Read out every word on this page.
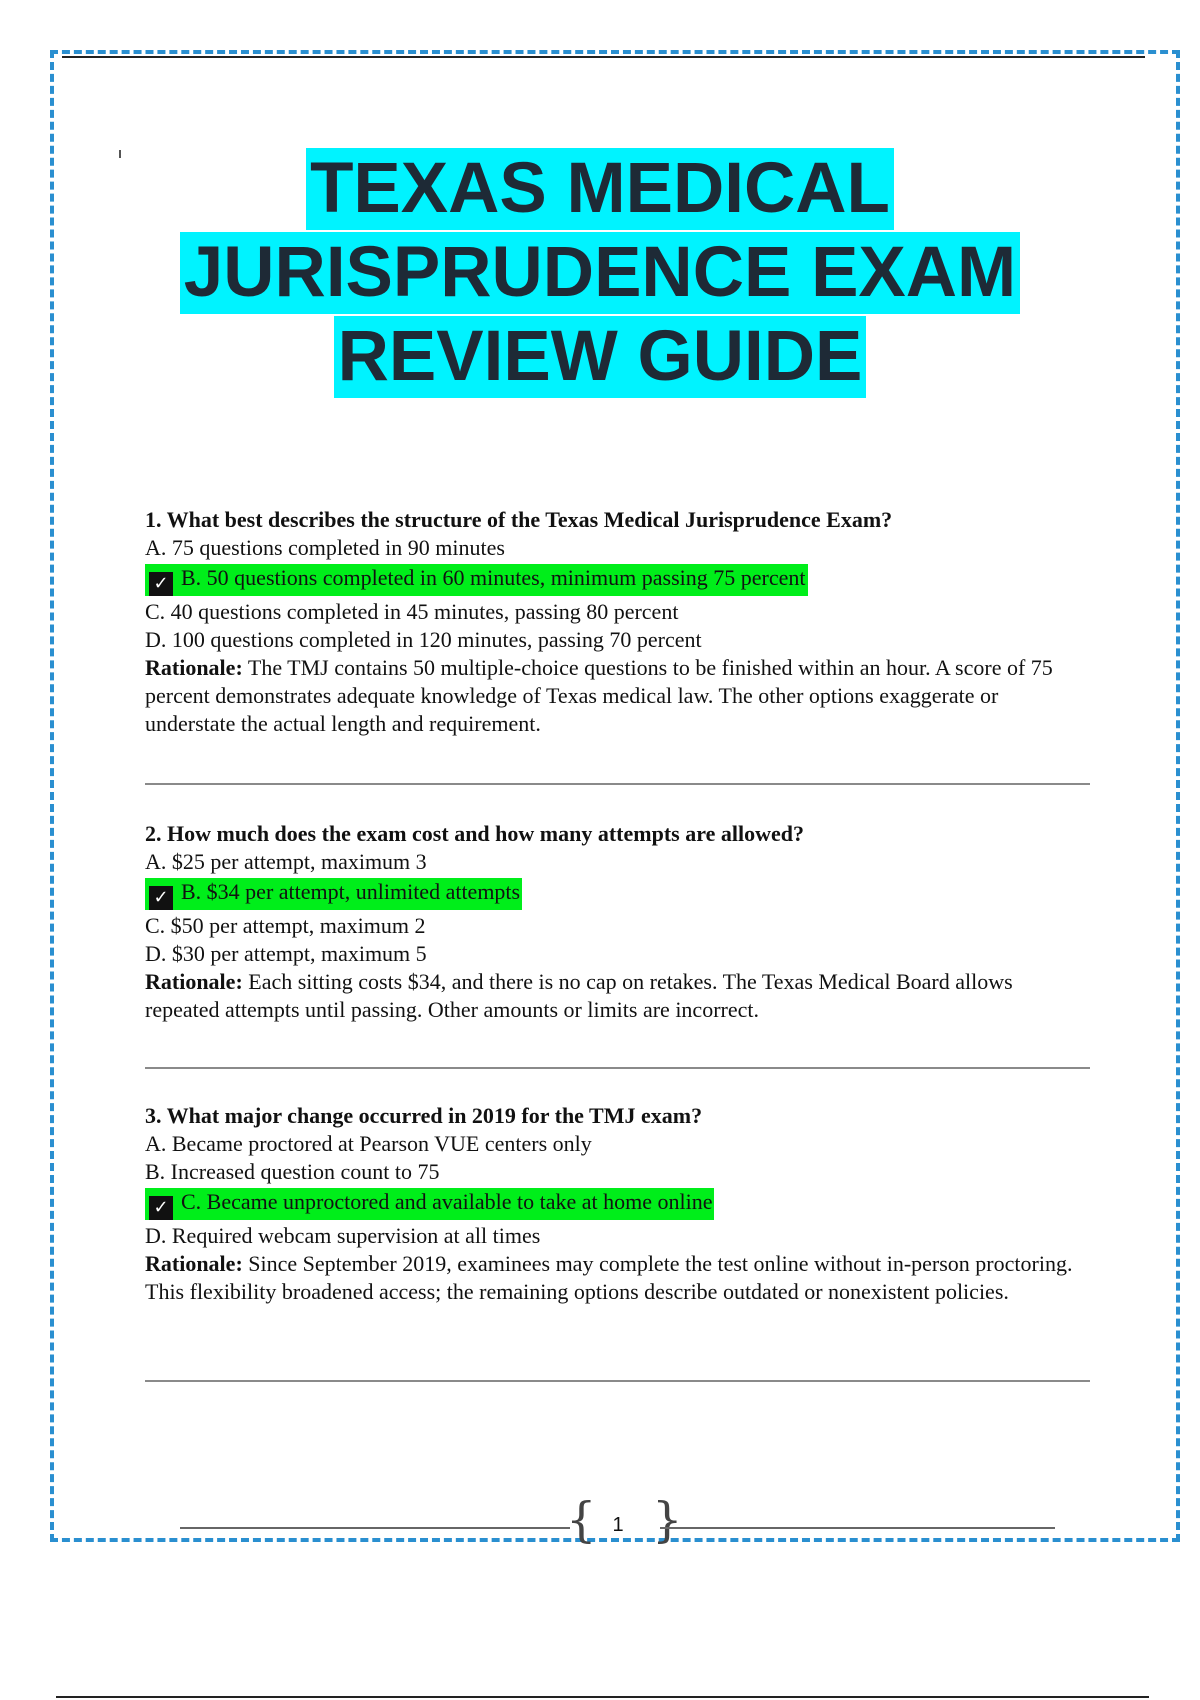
TEXAS MEDICAL
JURISPRUDENCE EXAM
REVIEW GUIDE
1. What best describes the structure of the Texas Medical Jurisprudence Exam?
A. 75 questions completed in 90 minutes
✓ B. 50 questions completed in 60 minutes, minimum passing 75 percent
C. 40 questions completed in 45 minutes, passing 80 percent
D. 100 questions completed in 120 minutes, passing 70 percent
Rationale: The TMJ contains 50 multiple-choice questions to be finished within an hour. A score of 75 percent demonstrates adequate knowledge of Texas medical law. The other options exaggerate or understate the actual length and requirement.
2. How much does the exam cost and how many attempts are allowed?
A. $25 per attempt, maximum 3
✓ B. $34 per attempt, unlimited attempts
C. $50 per attempt, maximum 2
D. $30 per attempt, maximum 5
Rationale: Each sitting costs $34, and there is no cap on retakes. The Texas Medical Board allows repeated attempts until passing. Other amounts or limits are incorrect.
3. What major change occurred in 2019 for the TMJ exam?
A. Became proctored at Pearson VUE centers only
B. Increased question count to 75
✓ C. Became unproctored and available to take at home online
D. Required webcam supervision at all times
Rationale: Since September 2019, examinees may complete the test online without in-person proctoring. This flexibility broadened access; the remaining options describe outdated or nonexistent policies.
{ 1 }
